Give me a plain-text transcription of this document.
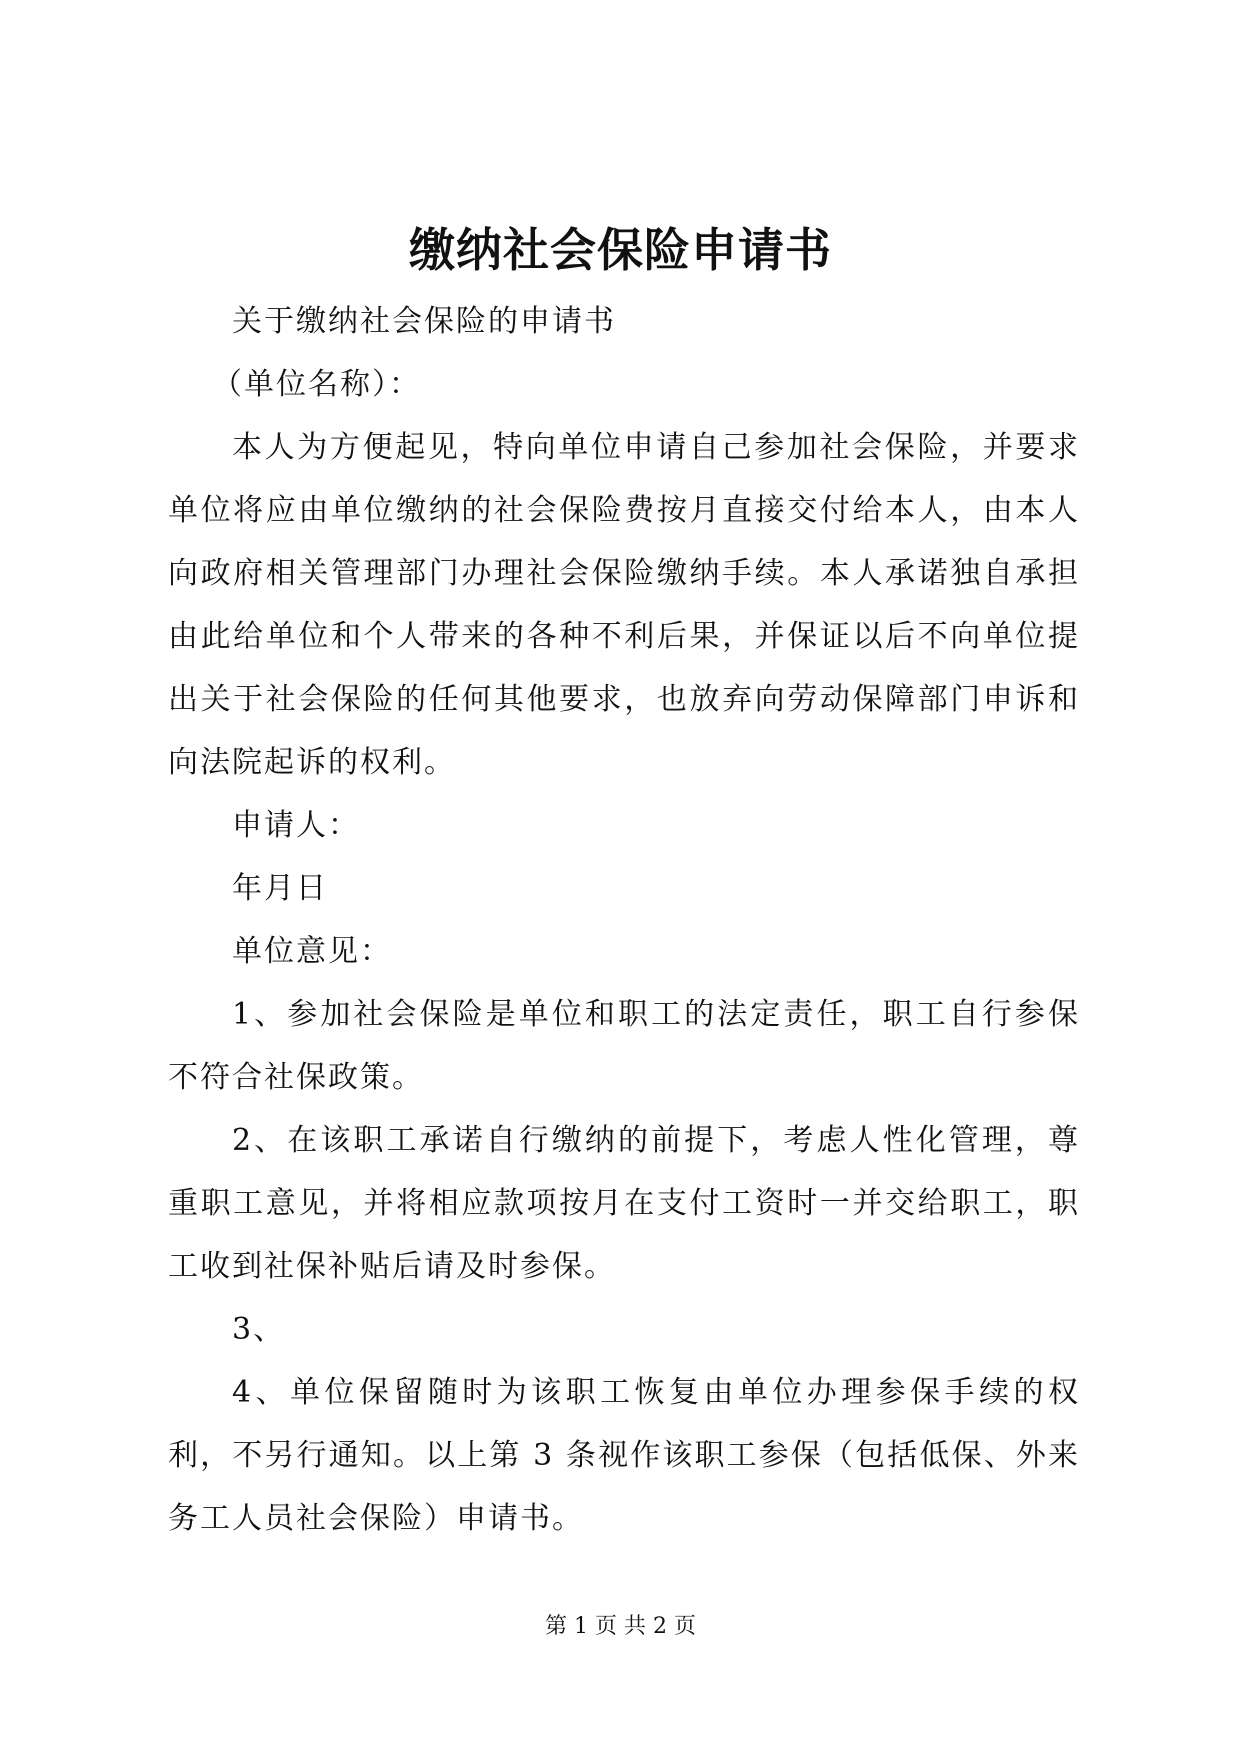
缴纳社会保险申请书

关于缴纳社会保险的申请书

（单位名称）：

本人为方便起见，特向单位申请自己参加社会保险，并要求单位将应由单位缴纳的社会保险费按月直接交付给本人，由本人向政府相关管理部门办理社会保险缴纳手续。本人承诺独自承担由此给单位和个人带来的各种不利后果，并保证以后不向单位提出关于社会保险的任何其他要求，也放弃向劳动保障部门申诉和向法院起诉的权利。

申请人：

年月日

单位意见：

1、参加社会保险是单位和职工的法定责任，职工自行参保不符合社保政策。

2、在该职工承诺自行缴纳的前提下，考虑人性化管理，尊重职工意见，并将相应款项按月在支付工资时一并交给职工，职工收到社保补贴后请及时参保。

3、

4、单位保留随时为该职工恢复由单位办理参保手续的权利，不另行通知。以上第 3 条视作该职工参保（包括低保、外来务工人员社会保险）申请书。

第 1 页 共 2 页
